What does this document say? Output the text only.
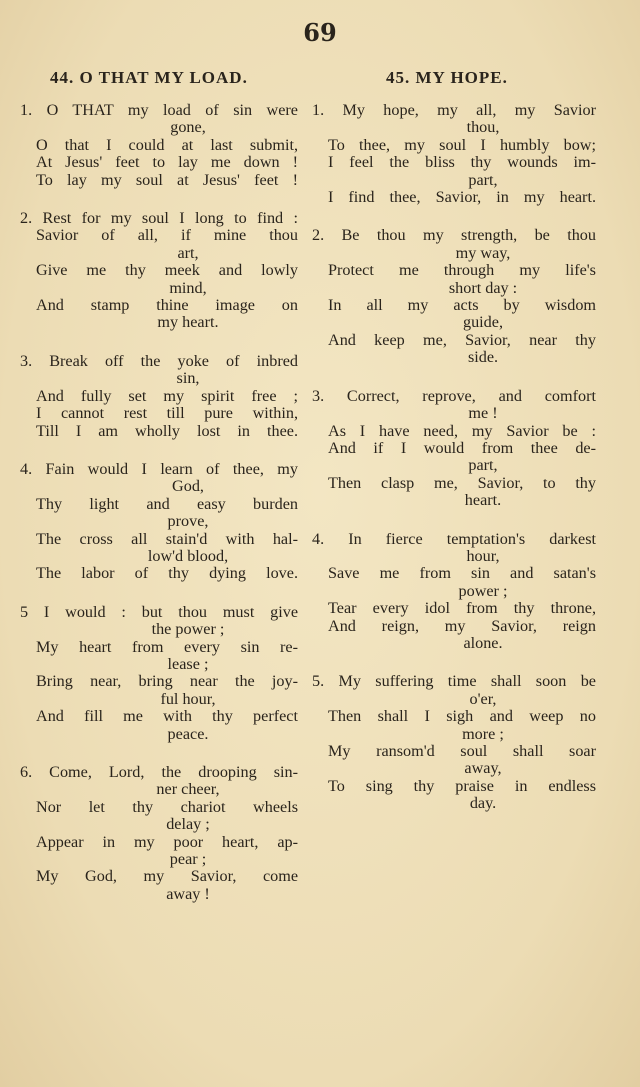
69
44. O THAT MY LOAD.
1. O THAT my load of sin were
gone,
O that I could at last submit,
At Jesus' feet to lay me down !
To lay my soul at Jesus' feet !
2. Rest for my soul I long to find :
Savior of all, if mine thou
art,
Give me thy meek and lowly
mind,
And stamp thine image on
my heart.
3. Break off the yoke of inbred
sin,
And fully set my spirit free ;
I cannot rest till pure within,
Till I am wholly lost in thee.
4. Fain would I learn of thee, my
God,
Thy light and easy burden
prove,
The cross all stain'd with hal-
low'd blood,
The labor of thy dying love.
5 I would : but thou must give
the power ;
My heart from every sin re-
lease ;
Bring near, bring near the joy-
ful hour,
And fill me with thy perfect
peace.
6. Come, Lord, the drooping sin-
ner cheer,
Nor let thy chariot wheels
delay ;
Appear in my poor heart, ap-
pear ;
My God, my Savior, come
away !
45. MY HOPE.
1. My hope, my all, my Savior
thou,
To thee, my soul I humbly bow;
I feel the bliss thy wounds im-
part,
I find thee, Savior, in my heart.
2. Be thou my strength, be thou
my way,
Protect me through my life's
short day :
In all my acts by wisdom
guide,
And keep me, Savior, near thy
side.
3. Correct, reprove, and comfort
me !
As I have need, my Savior be :
And if I would from thee de-
part,
Then clasp me, Savior, to thy
heart.
4. In fierce temptation's darkest
hour,
Save me from sin and satan's
power ;
Tear every idol from thy throne,
And reign, my Savior, reign
alone.
5. My suffering time shall soon be
o'er,
Then shall I sigh and weep no
more ;
My ransom'd soul shall soar
away,
To sing thy praise in endless
day.
